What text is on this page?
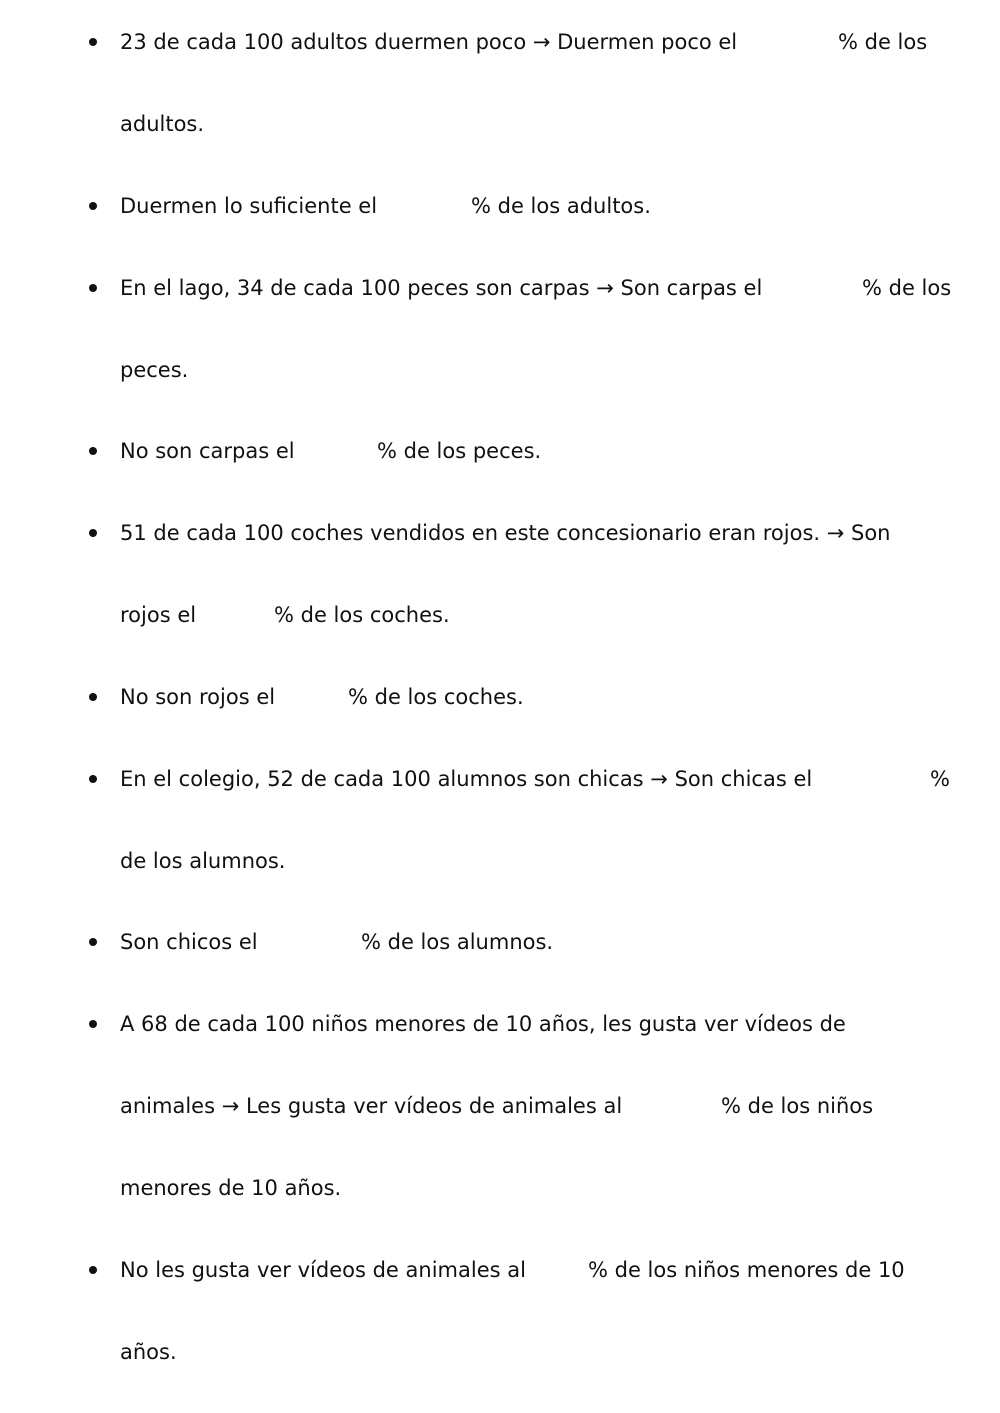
23 de cada 100 adultos duermen poco → Duermen poco el	% de los
adultos.
Duermen lo suficiente el	% de los adultos.
En el lago, 34 de cada 100 peces son carpas → Son carpas el	% de los
peces.
No son carpas el	% de los peces.
51 de cada 100 coches vendidos en este concesionario eran rojos. → Son
rojos el	% de los coches.
No son rojos el	% de los coches.
En el colegio, 52 de cada 100 alumnos son chicas → Son chicas el	%
de los alumnos.
Son chicos el	% de los alumnos.
A 68 de cada 100 niños menores de 10 años, les gusta ver vídeos de
animales → Les gusta ver vídeos de animales al	% de los niños
menores de 10 años.
No les gusta ver vídeos de animales al	% de los niños menores de 10
años.
